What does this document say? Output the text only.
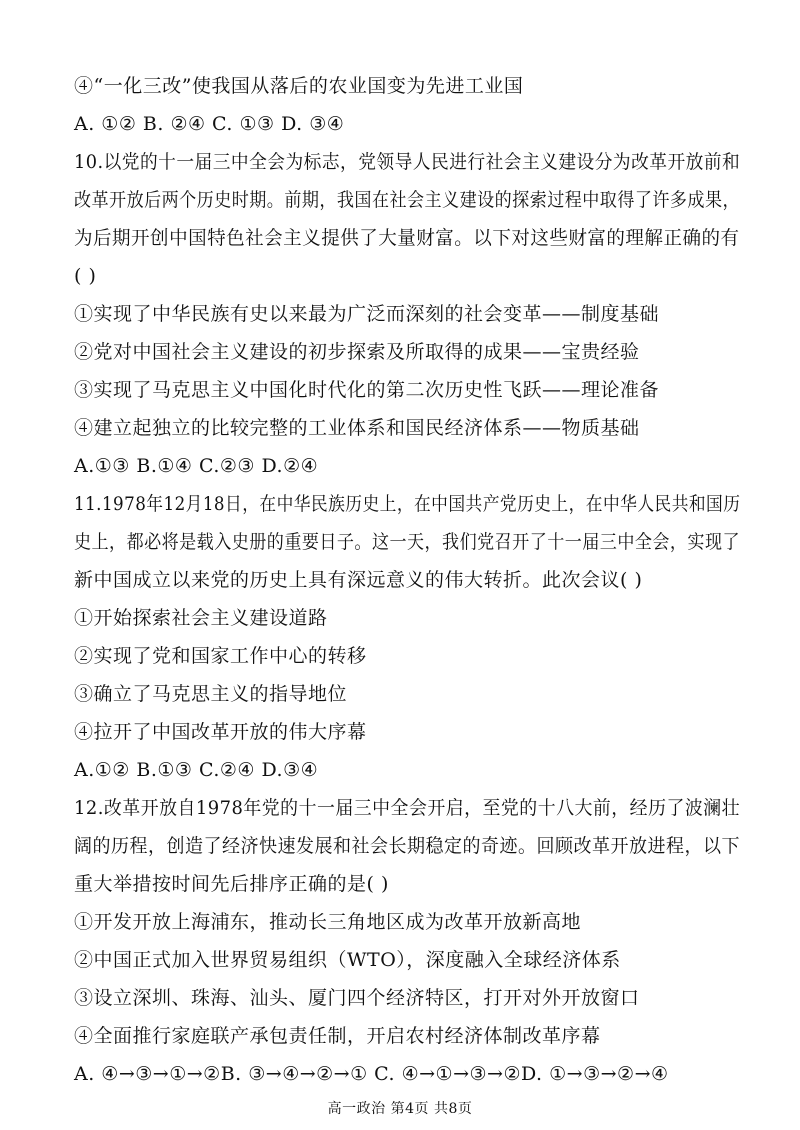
④“一化三改”使我国从落后的农业国变为先进工业国
A. ①② B. ②④ C. ①③ D. ③④
10.以党的十一届三中全会为标志，党领导人民进行社会主义建设分为改革开放前和
改革开放后两个历史时期。前期，我国在社会主义建设的探索过程中取得了许多成果，
为后期开创中国特色社会主义提供了大量财富。以下对这些财富的理解正确的有
( )
①实现了中华民族有史以来最为广泛而深刻的社会变革——制度基础
②党对中国社会主义建设的初步探索及所取得的成果——宝贵经验
③实现了马克思主义中国化时代化的第二次历史性飞跃——理论准备
④建立起独立的比较完整的工业体系和国民经济体系——物质基础
A.①③ B.①④ C.②③ D.②④
11.1978年12月18日，在中华民族历史上，在中国共产党历史上，在中华人民共和国历
史上，都必将是载入史册的重要日子。这一天，我们党召开了十一届三中全会，实现了
新中国成立以来党的历史上具有深远意义的伟大转折。此次会议( )
①开始探索社会主义建设道路
②实现了党和国家工作中心的转移
③确立了马克思主义的指导地位
④拉开了中国改革开放的伟大序幕
A.①② B.①③ C.②④ D.③④
12.改革开放自1978年党的十一届三中全会开启，至党的十八大前，经历了波澜壮
阔的历程，创造了经济快速发展和社会长期稳定的奇迹。回顾改革开放进程，以下
重大举措按时间先后排序正确的是( )
①开发开放上海浦东，推动长三角地区成为改革开放新高地
②中国正式加入世界贸易组织（WTO），深度融入全球经济体系
③设立深圳、珠海、汕头、厦门四个经济特区，打开对外开放窗口
④全面推行家庭联产承包责任制，开启农村经济体制改革序幕
A. ④→③→①→②B. ③→④→②→① C. ④→①→③→②D. ①→③→②→④
高一政治 第4页 共8页
